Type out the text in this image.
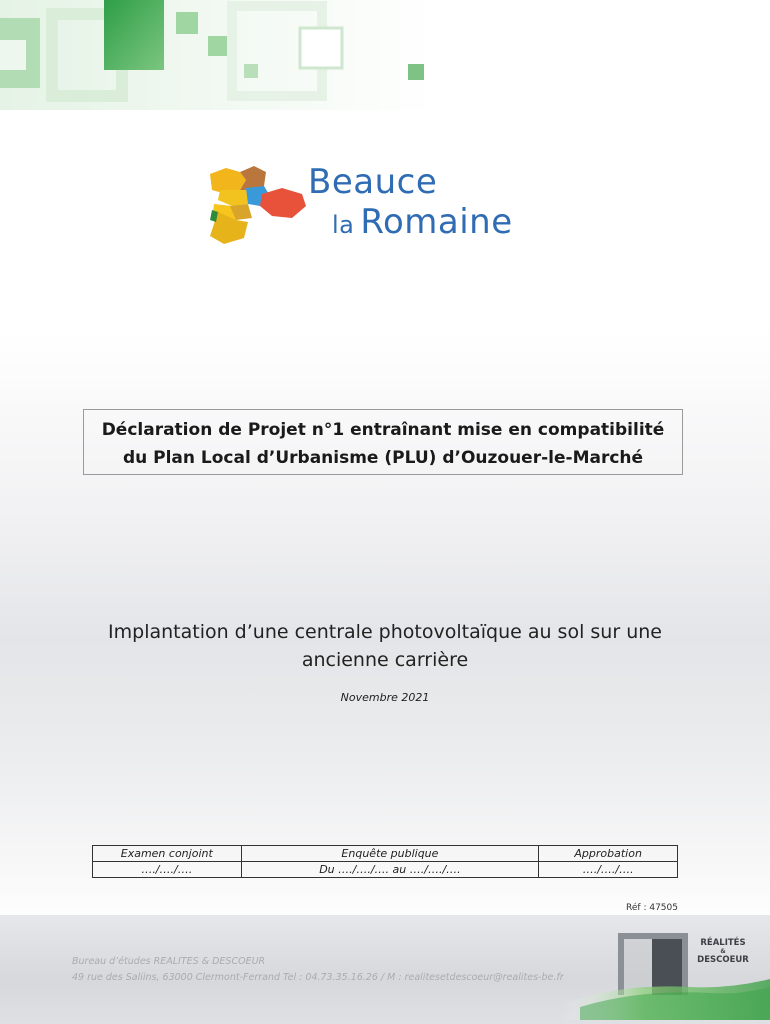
Beauce
la Romaine
Déclaration de Projet n°1 entraînant mise en compatibilité
du Plan Local d’Urbanisme (PLU) d’Ouzouer-le-Marché
Implantation d’une centrale photovoltaïque au sol sur une
ancienne carrière
Novembre 2021
Examen conjoint	Enquête publique	Approbation
…./…./….	Du …./…./…. au …./…./….	…./…./….
Réf : 47505
Bureau d’études REALITES & DESCOEUR
49 rue des Saliins, 63000 Clermont-Ferrand Tel : 04.73.35.16.26 / M : realitesetdescoeur@realites-be.fr
RÉALITÉS
&
DESCOEUR
